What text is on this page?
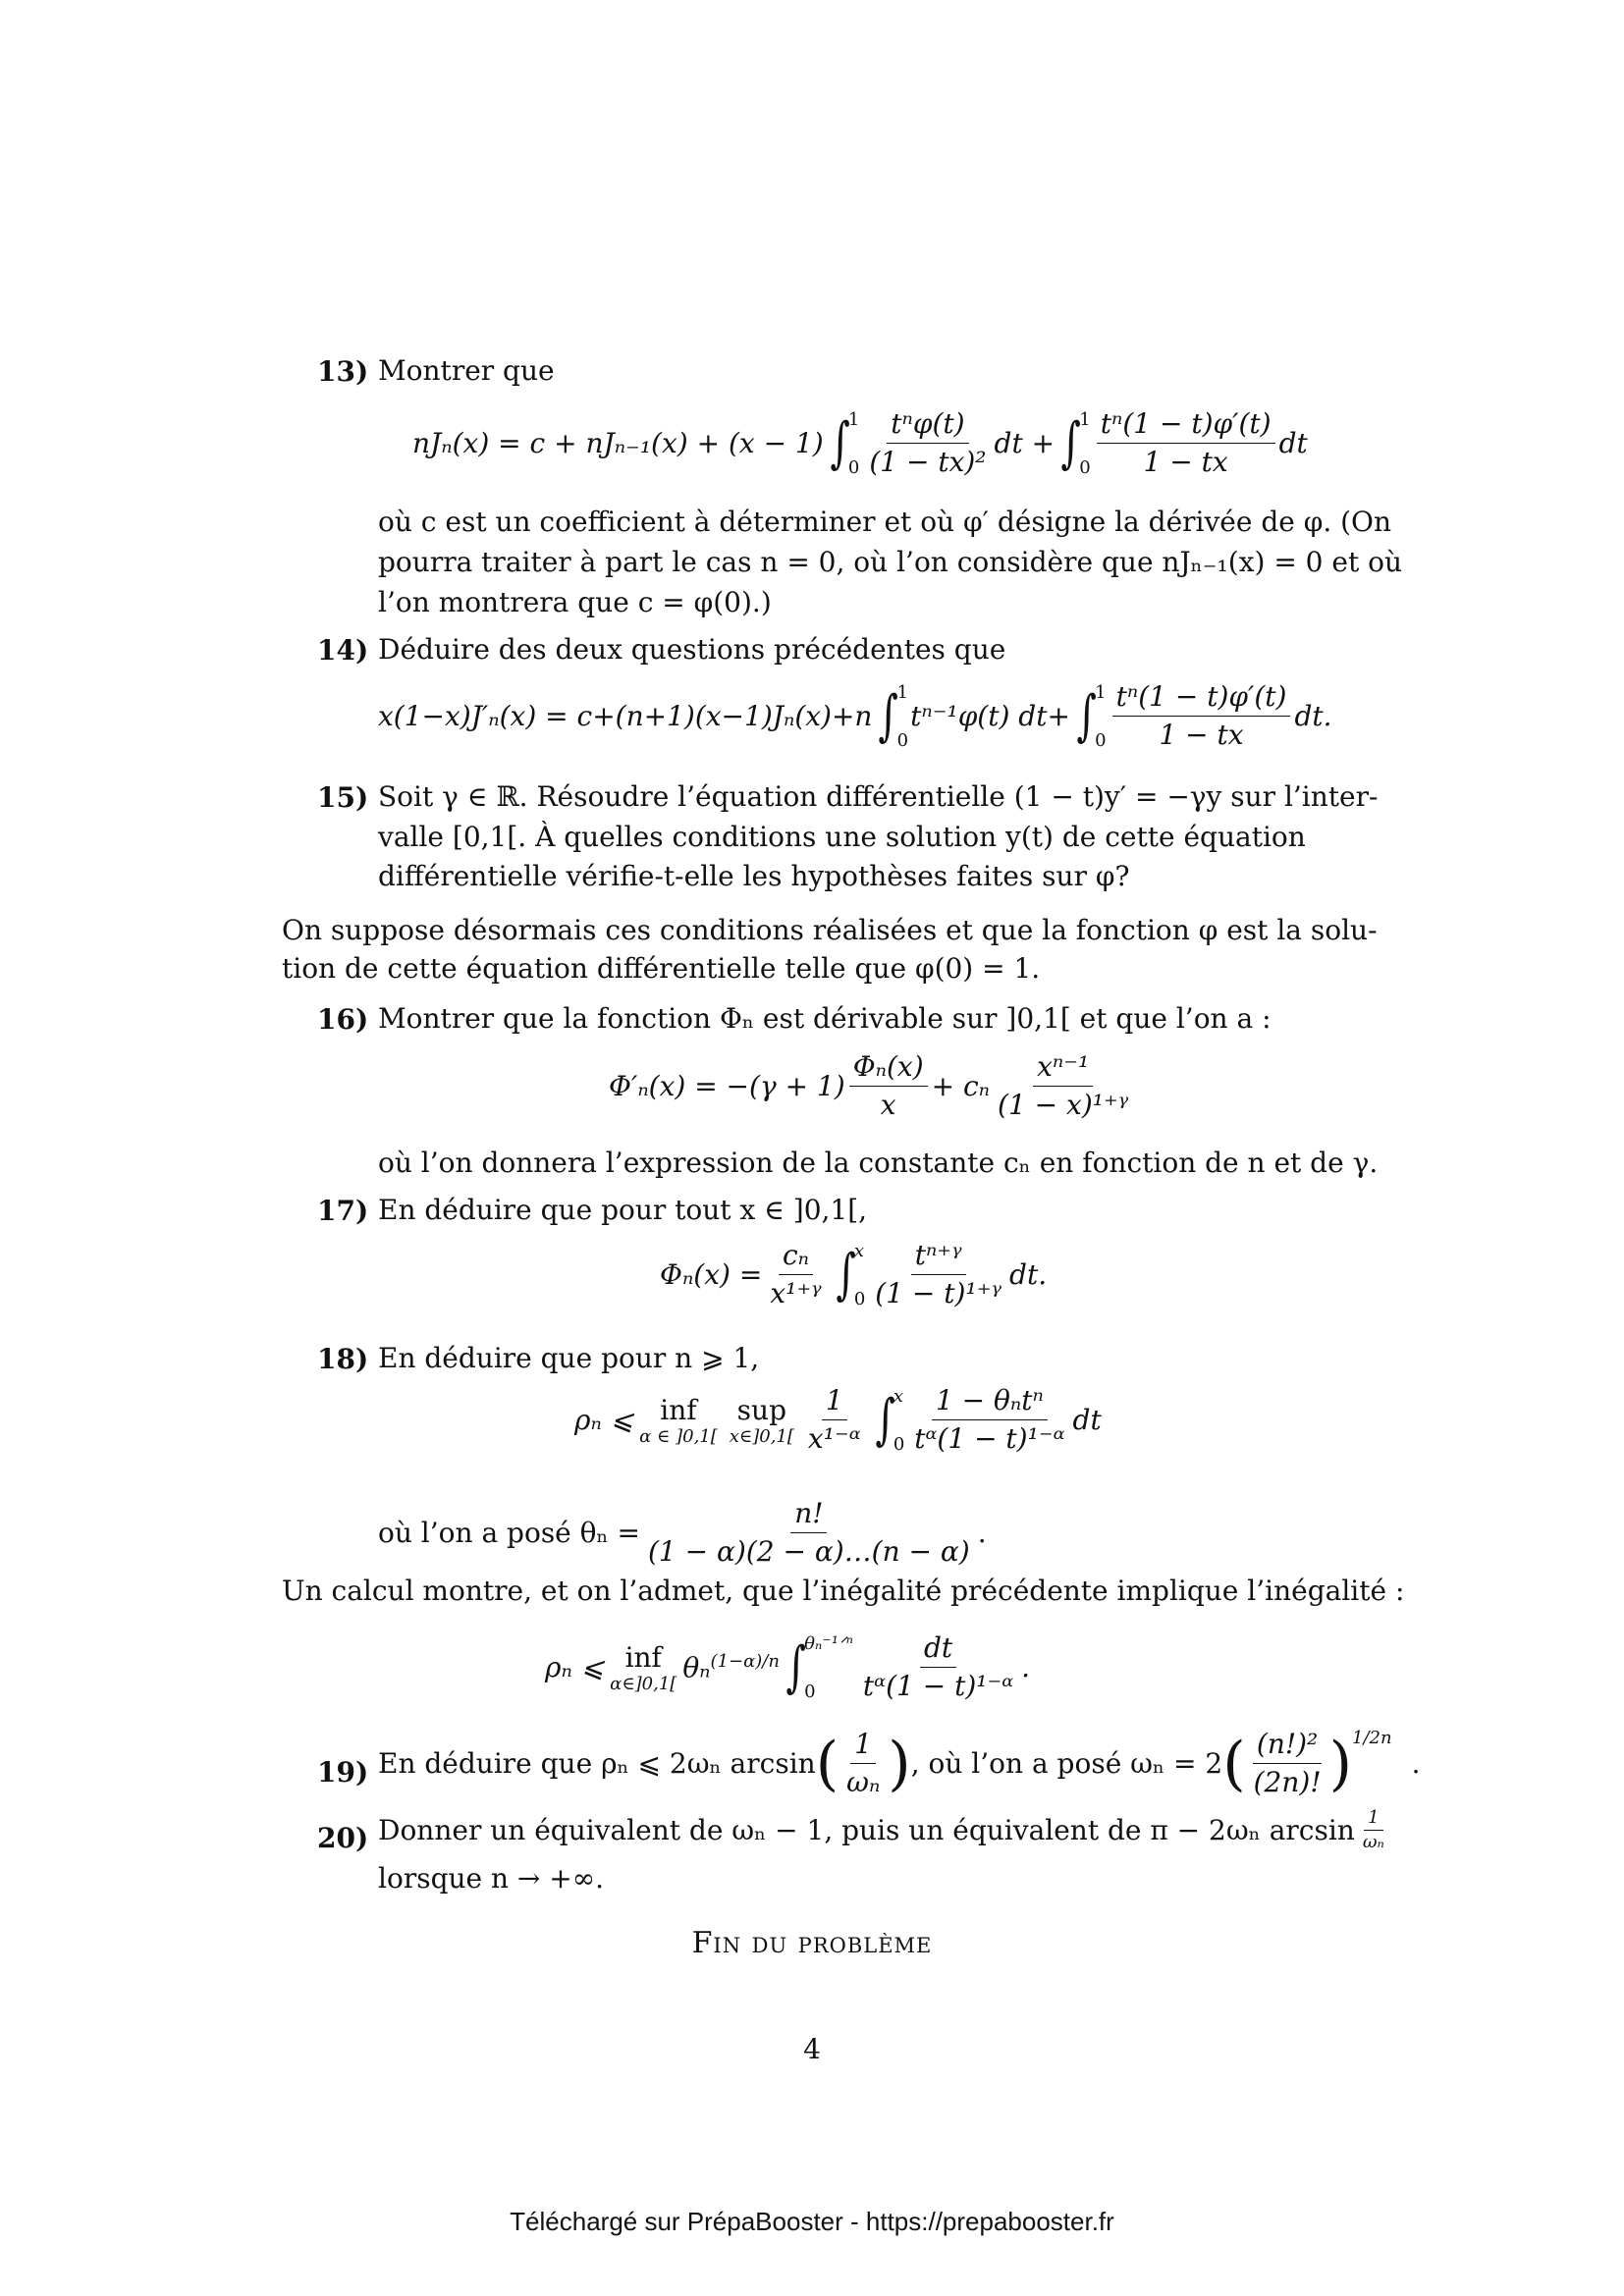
13) Montrer que
nJₙ(x) = c + nJₙ₋₁(x) + (x − 1) ∫
1
$0 \frac{\text{tⁿφ(t)}}{\text{(1 − tx)²}}$ dt + ∫
1
$0 \frac{\text{tⁿ(1 − t)φ′(t)}}{1 - tx}$ dt
où c est un coefficient à déterminer et où φ′ désigne la dérivée de φ. (On
pourra traiter à part le cas n = 0, où l’on considère que nJₙ₋₁(x) = 0 et où
l’on montrera que c = φ(0).)
14) Déduire des deux questions précédentes que
x(1−x)J′ₙ(x) = c+(n+1)(x−1)Jₙ(x)+n ∫
1
0
tⁿ⁻¹φ(t) dt+ ∫
1
$0 \frac{\text{tⁿ(1 − t)φ′(t)}}{1 - tx}$ dt.
15) Soit γ ∈ ℝ. Résoudre l’équation différentielle (1 − t)y′ = −γy sur l’inter-
valle [0,1[. À quelles conditions une solution y(t) de cette équation
différentielle vérifie-t-elle les hypothèses faites sur φ?
On suppose désormais ces conditions réalisées et que la fonction φ est la solu-
tion de cette équation différentielle telle que φ(0) = 1.
16) Montrer que la fonction Φₙ est dérivable sur ]0,1[ et que l’on a :
$\Phi'_n(x) = -(\gamma + 1) \frac{\text{Φₙ(x)}}{x} + c_n \frac{\text{xⁿ⁻¹}}{\text{(1 − x)¹⁺ᵞ}}$
où l’on donnera l’expression de la constante cₙ en fonction de n et de γ.
17) En déduire que pour tout x ∈ ]0,1[,
$\Phi_n(x) = \frac{\text{cₙ}}{\text{x¹⁺ᵞ}}$ ∫
x
$0 \frac{\text{tⁿ⁺ᵞ}}{\text{(1 − t)¹⁺ᵞ}}$ dt.
18) En déduire que pour n ⩾ 1,
ρₙ ⩽ inf
α ∈ ]0,1[
sup
x∈]0,1[ $\frac{1}{\text{x¹⁻ᵅ}}$ ∫
x
$0 \frac{\text{1 − θₙtⁿ}}{\text{tᵅ(1 − t)¹⁻ᵅ}}$ dt
où l’on a posé $\theta_n = \frac{n!}{(1 - \alpha)(2 - \alpha)\dots(n - \alpha)}$ .
Un calcul montre, et on l’admet, que l’inégalité précédente implique l’inégalité :
ρₙ ⩽ inf
α∈]0,1[ θₙ$^{(1-\alpha)/n}$ ∫
θₙ⁻¹ᐟⁿ
0	$\frac{dt}{\text{tᵅ(1 − t)¹⁻ᵅ}}$ .
19) En déduire que ρₙ ⩽ 2ωₙ arcsin ( $\frac{1}{\text{ωₙ}}$ ) , où l’on a posé ωₙ = 2 ( $\frac{\text{(n!)²}}{(2n)!} )^{1/2n}$
.
20) Donner un équivalent de ωₙ − 1, puis un équivalent de π − 2ωₙ $\arcsin \frac{1}{\text{ωₙ}}$
lorsque n → +∞.
Fin du problème
4
Téléchargé sur PrépaBooster - https://prepabooster.fr
